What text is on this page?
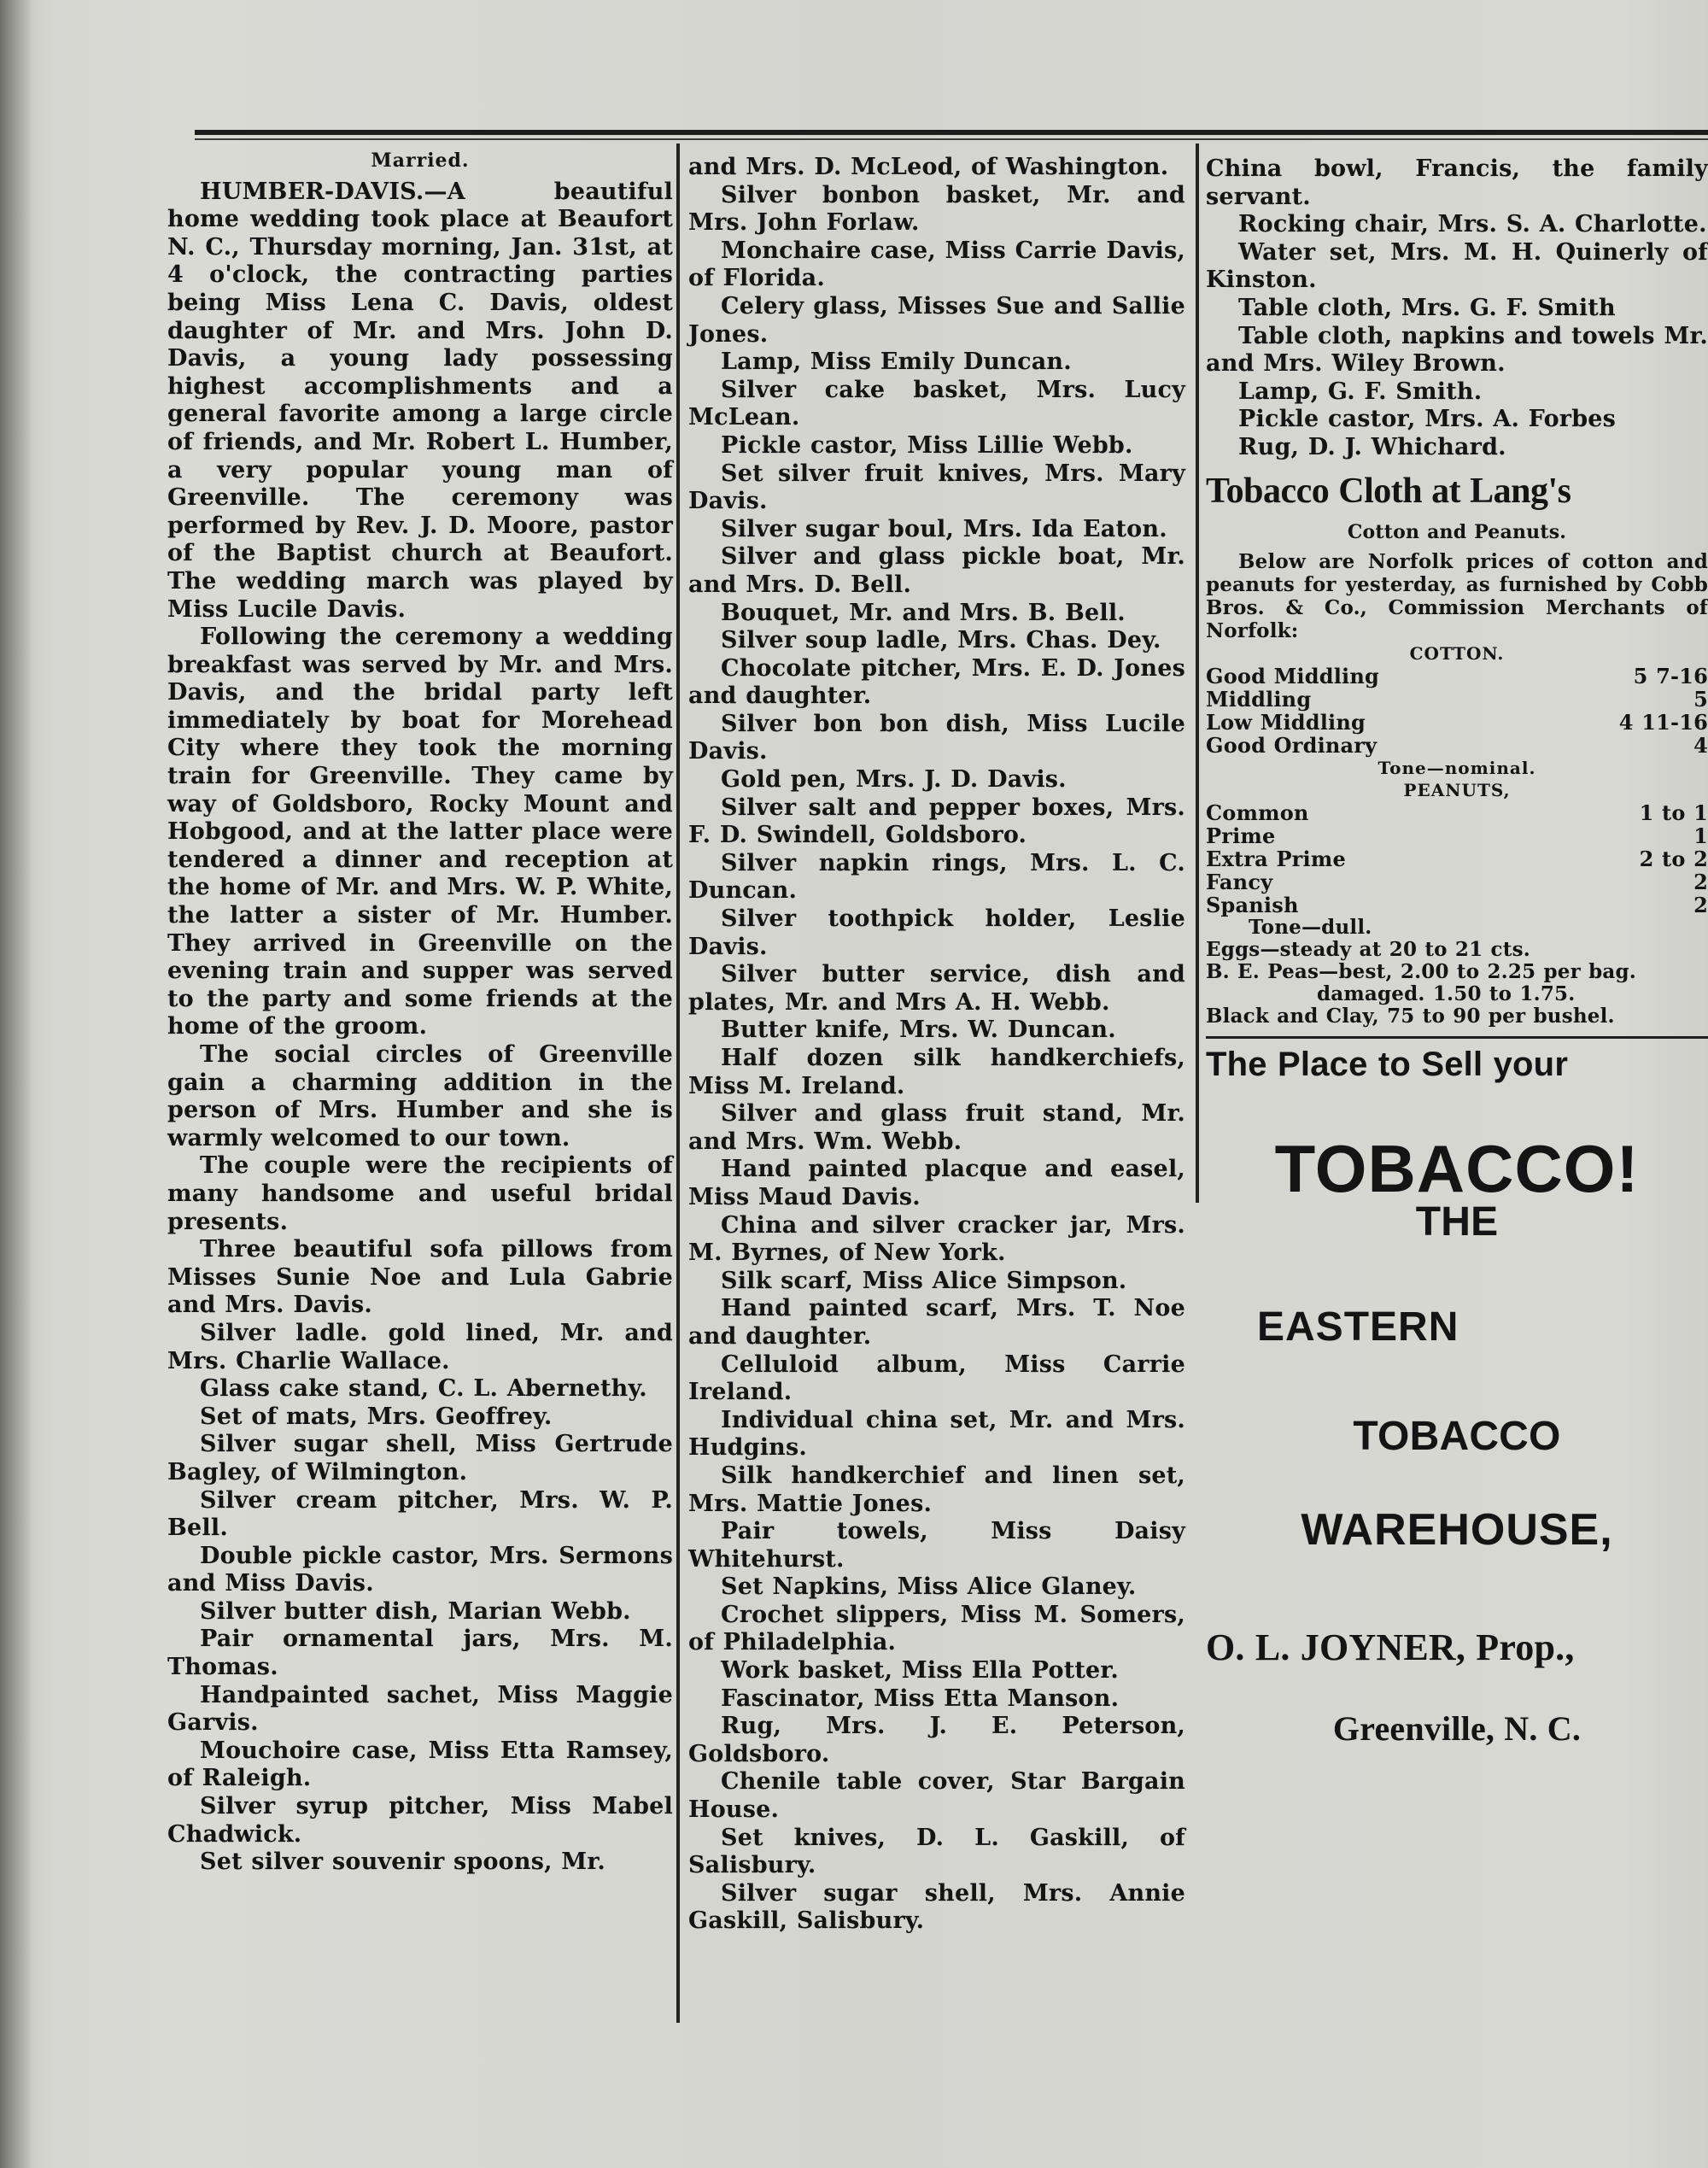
Married.

HUMBER-DAVIS.—A beautiful home wedding took place at Beaufort N. C., Thursday morning, Jan. 31st, at 4 o'clock, the contracting parties being Miss Lena C. Davis, oldest daughter of Mr. and Mrs. John D. Davis, a young lady possessing highest accomplishments and a general favorite among a large circle of friends, and Mr. Robert L. Humber, a very popular young man of Greenville. The ceremony was performed by Rev. J. D. Moore, pastor of the Baptist church at Beaufort. The wedding march was played by Miss Lucile Davis.

Following the ceremony a wedding breakfast was served by Mr. and Mrs. Davis, and the bridal party left immediately by boat for Morehead City where they took the morning train for Greenville. They came by way of Goldsboro, Rocky Mount and Hobgood, and at the latter place were tendered a dinner and reception at the home of Mr. and Mrs. W. P. White, the latter a sister of Mr. Humber. They arrived in Greenville on the evening train and supper was served to the party and some friends at the home of the groom.

The social circles of Greenville gain a charming addition in the person of Mrs. Humber and she is warmly welcomed to our town.

The couple were the recipients of many handsome and useful bridal presents.

Three beautiful sofa pillows from Misses Sunie Noe and Lula Gabrie and Mrs. Davis.

Silver ladle. gold lined, Mr. and Mrs. Charlie Wallace.

Glass cake stand, C. L. Abernethy.

Set of mats, Mrs. Geoffrey.

Silver sugar shell, Miss Gertrude Bagley, of Wilmington.

Silver cream pitcher, Mrs. W. P. Bell.

Double pickle castor, Mrs. Sermons and Miss Davis.

Silver butter dish, Marian Webb.

Pair ornamental jars, Mrs. M. Thomas.

Handpainted sachet, Miss Maggie Garvis.

Mouchoire case, Miss Etta Ramsey, of Raleigh.

Silver syrup pitcher, Miss Mabel Chadwick.

Set silver souvenir spoons, Mr.

and Mrs. D. McLeod, of Washington.

Silver bonbon basket, Mr. and Mrs. John Forlaw.

Monchaire case, Miss Carrie Davis, of Florida.

Celery glass, Misses Sue and Sallie Jones.

Lamp, Miss Emily Duncan.

Silver cake basket, Mrs. Lucy McLean.

Pickle castor, Miss Lillie Webb.

Set silver fruit knives, Mrs. Mary Davis.

Silver sugar boul, Mrs. Ida Eaton.

Silver and glass pickle boat, Mr. and Mrs. D. Bell.

Bouquet, Mr. and Mrs. B. Bell.

Silver soup ladle, Mrs. Chas. Dey.

Chocolate pitcher, Mrs. E. D. Jones and daughter.

Silver bon bon dish, Miss Lucile Davis.

Gold pen, Mrs. J. D. Davis.

Silver salt and pepper boxes, Mrs. F. D. Swindell, Goldsboro.

Silver napkin rings, Mrs. L. C. Duncan.

Silver toothpick holder, Leslie Davis.

Silver butter service, dish and plates, Mr. and Mrs A. H. Webb.

Butter knife, Mrs. W. Duncan.

Half dozen silk handkerchiefs, Miss M. Ireland.

Silver and glass fruit stand, Mr. and Mrs. Wm. Webb.

Hand painted placque and easel, Miss Maud Davis.

China and silver cracker jar, Mrs. M. Byrnes, of New York.

Silk scarf, Miss Alice Simpson.

Hand painted scarf, Mrs. T. Noe and daughter.

Celluloid album, Miss Carrie Ireland.

Individual china set, Mr. and Mrs. Hudgins.

Silk handkerchief and linen set, Mrs. Mattie Jones.

Pair towels, Miss Daisy Whitehurst.

Set Napkins, Miss Alice Glaney.

Crochet slippers, Miss M. Somers, of Philadelphia.

Work basket, Miss Ella Potter.

Fascinator, Miss Etta Manson.

Rug, Mrs. J. E. Peterson, Goldsboro.

Chenile table cover, Star Bargain House.

Set knives, D. L. Gaskill, of Salisbury.

Silver sugar shell, Mrs. Annie Gaskill, Salisbury.

China bowl, Francis, the family servant.

Rocking chair, Mrs. S. A. Charlotte.

Water set, Mrs. M. H. Quinerly of Kinston.

Table cloth, Mrs. G. F. Smith

Table cloth, napkins and towels Mr. and Mrs. Wiley Brown.

Lamp, G. F. Smith.

Pickle castor, Mrs. A. Forbes

Rug, D. J. Whichard.

Tobacco Cloth at Lang's
Cotton and Peanuts.

Below are Norfolk prices of cotton and peanuts for yesterday, as furnished by Cobb Bros. & Co., Commission Merchants of Norfolk:

COTTON.
Good Middling	5 7-16
Middling	5
Low Middling	4 11-16
Good Ordinary	4
Tone—nominal.
PEANUTS,
Common	1 to 1
Prime	1
Extra Prime	2 to 2
Fancy	2
Spanish	2
Tone—dull.
Eggs—steady at 20 to 21 cts.
B. E. Peas—best, 2.00 to 2.25 per bag.
damaged. 1.50 to 1.75.
Black and Clay, 75 to 90 per bushel.
The Place to Sell your
TOBACCO!
THE
EASTERN
TOBACCO
WAREHOUSE,
O. L. JOYNER, Prop.,
Greenville, N. C.
